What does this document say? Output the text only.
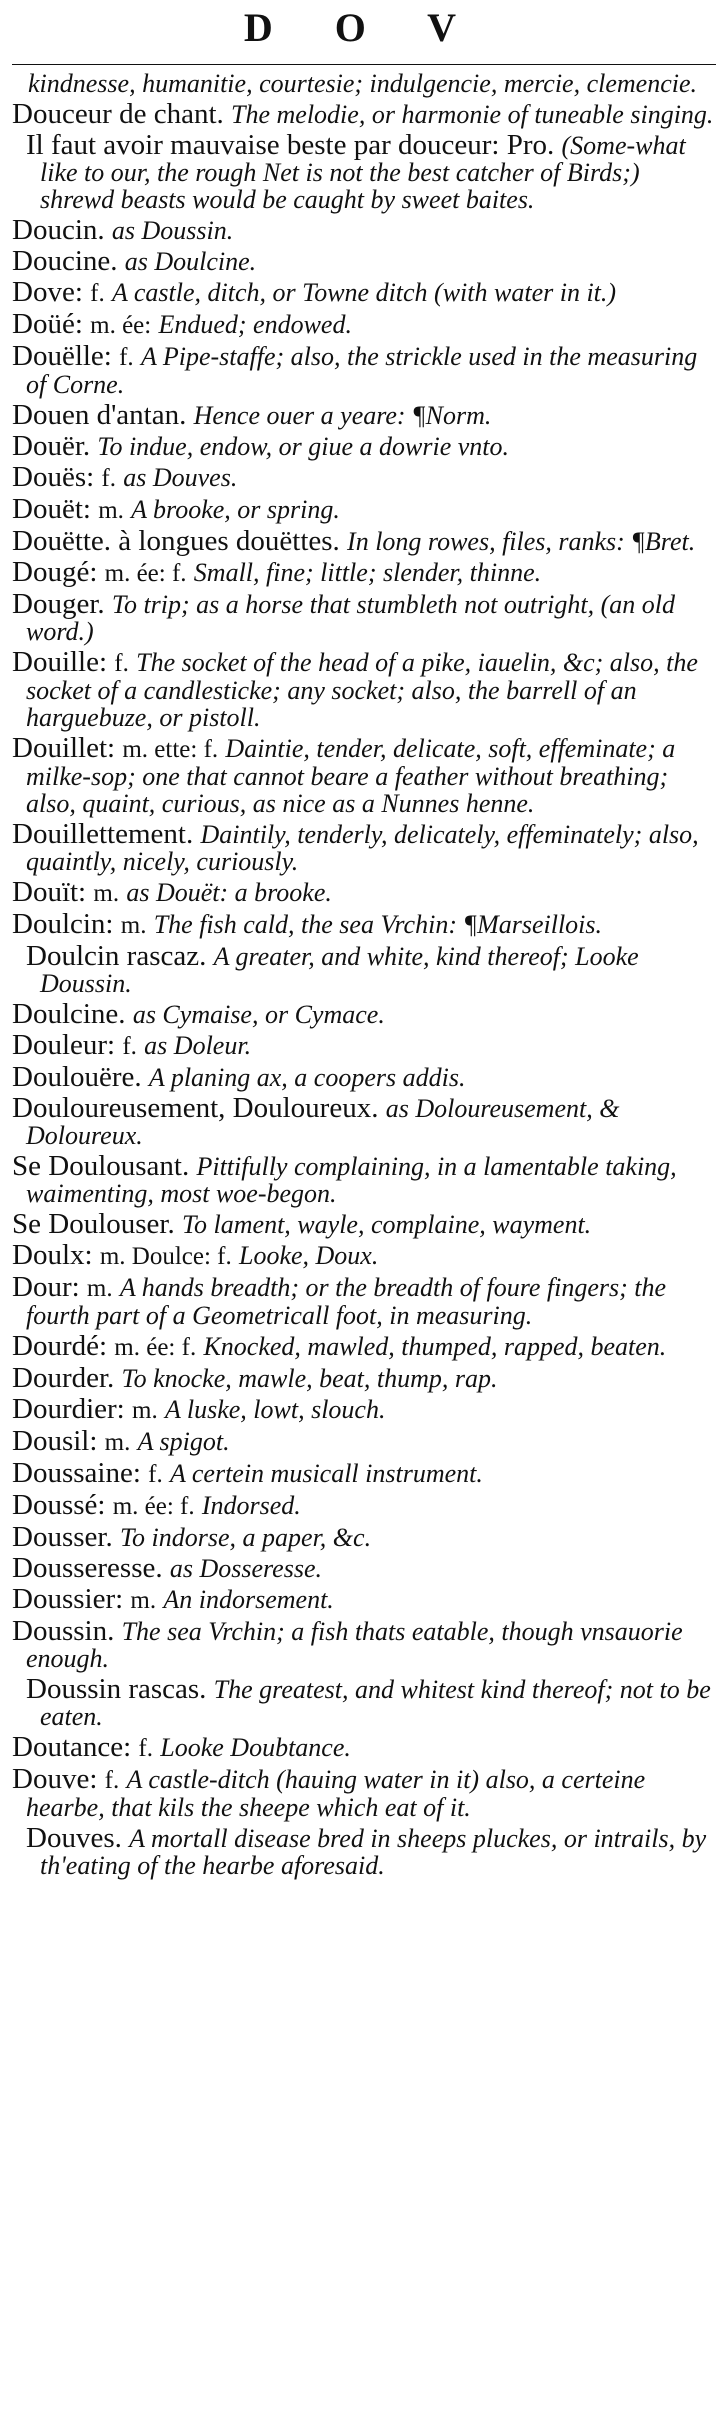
D O V
kindnesse, humanitie, courtesie; indulgencie, mercie, clemencie.
Douceur de chant. The melodie, or harmonie of tuneable singing.
Il faut avoir mauvaise beste par douceur: Pro. (Some-what like to our, the rough Net is not the best catcher of Birds;) shrewd beasts would be caught by sweet baites.
Doucin. as Doussin.
Doucine. as Doulcine.
Dove: f. A castle, ditch, or Towne ditch (with water in it.)
Doüé: m. ée: Endued; endowed.
Douëlle: f. A Pipe-staffe; also, the strickle used in the measuring of Corne.
Douen d'antan. Hence ouer a yeare: ¶Norm.
Douër. To indue, endow, or giue a dowrie vnto.
Douës: f. as Douves.
Douët: m. A brooke, or spring.
Douëtte. à longues douëttes. In long rowes, files, ranks: ¶Bret.
Dougé: m. ée: f. Small, fine; little; slender, thinne.
Douger. To trip; as a horse that stumbleth not outright, (an old word.)
Douille: f. The socket of the head of a pike, iauelin, &c; also, the socket of a candlesticke; any socket; also, the barrell of an harguebuze, or pistoll.
Douillet: m. ette: f. Daintie, tender, delicate, soft, effeminate; a milke-sop; one that cannot beare a feather without breathing; also, quaint, curious, as nice as a Nunnes hennе.
Douillettement. Daintily, tenderly, delicately, effeminately; also, quaintly, nicely, curiously.
Douït: m. as Douët: a brooke.
Doulcin: m. The fish cald, the sea Vrchin: ¶Marseillois.
Doulcin rascaz. A greater, and white, kind thereof; Looke Doussin.
Doulcine. as Cymaise, or Cymace.
Douleur: f. as Doleur.
Doulouëre. A planing ax, a coopers addis.
Douloureusement, Douloureux. as Doloureusement, & Doloureux.
Se Doulousant. Pittifully complaining, in a lamentable taking, waimenting, most woe-begon.
Se Doulouser. To lament, wayle, complaine, wayment.
Doulx: m. Doulce: f. Looke, Doux.
Dour: m. A hands breadth; or the breadth of foure fingers; the fourth part of a Geometricall foot, in measuring.
Dourdé: m. ée: f. Knocked, mawled, thumped, rapped, beaten.
Dourder. To knocke, mawle, beat, thump, rap.
Dourdier: m. A luske, lowt, slouch.
Dousil: m. A spigot.
Doussaine: f. A certein musicall instrument.
Doussé: m. ée: f. Indorsed.
Dousser. To indorse, a paper, &c.
Dousseresse. as Dosseresse.
Doussier: m. An indorsement.
Doussin. The sea Vrchin; a fish thats eatable, though vnsauorie enough.
Doussin rascas. The greatest, and whitest kind thereof; not to be eaten.
Doutance: f. Looke Doubtance.
Douve: f. A castle-ditch (hauing water in it) also, a certeine hearbe, that kils the sheepe which eat of it.
Douves. A mortall disease bred in sheeps pluckes, or intrails, by th'eating of the hearbe aforesaid.
